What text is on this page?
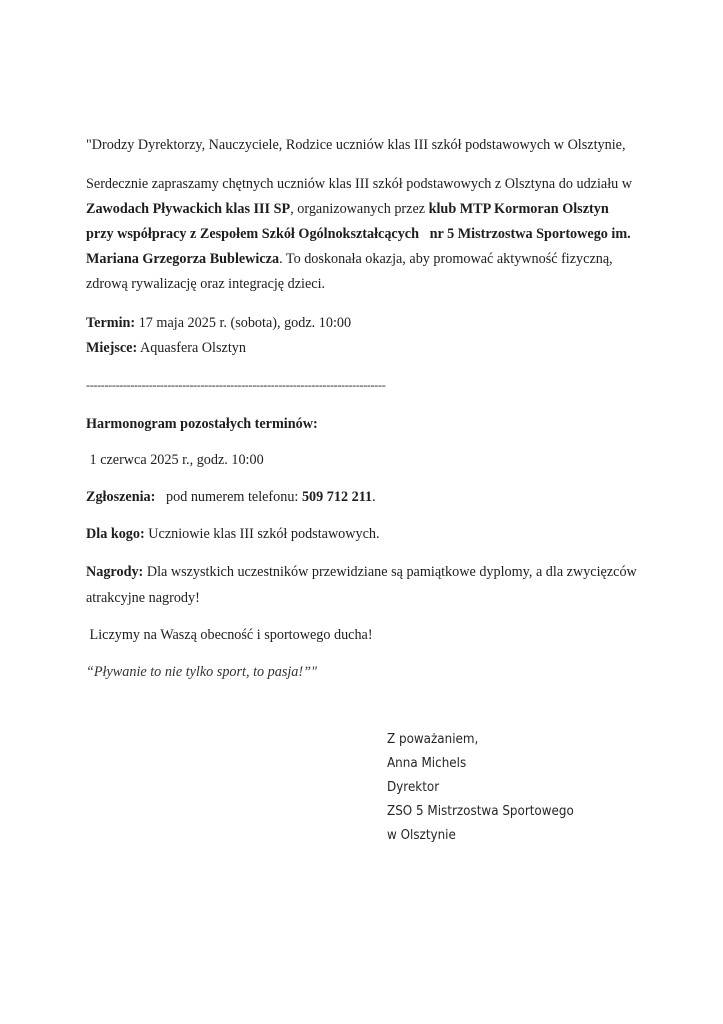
"Drodzy Dyrektorzy, Nauczyciele, Rodzice uczniów klas III szkół podstawowych w Olsztynie,
Serdecznie zapraszamy chętnych uczniów klas III szkół podstawowych z Olsztyna do udziału w
Zawodach Pływackich klas III SP, organizowanych przez klub MTP Kormoran Olsztyn
przy współpracy z Zespołem Szkół Ogólnokształcących nr 5 Mistrzostwa Sportowego im.
Mariana Grzegorza Bublewicza. To doskonała okazja, aby promować aktywność fizyczną,
zdrową rywalizację oraz integrację dzieci.
Termin: 17 maja 2025 r. (sobota), godz. 10:00
Miejsce: Aquasfera Olsztyn
---------------------------------------------------------------------------------
Harmonogram pozostałych terminów:
1 czerwca 2025 r., godz. 10:00
Zgłoszenia:   pod numerem telefonu: 509 712 211.
Dla kogo: Uczniowie klas III szkół podstawowych.
Nagrody: Dla wszystkich uczestników przewidziane są pamiątkowe dyplomy, a dla zwycięzców
atrakcyjne nagrody!
Liczymy na Waszą obecność i sportowego ducha!
“Pływanie to nie tylko sport, to pasja!”"
Z poważaniem,
Anna Michels
Dyrektor
ZSO 5 Mistrzostwa Sportowego
w Olsztynie
